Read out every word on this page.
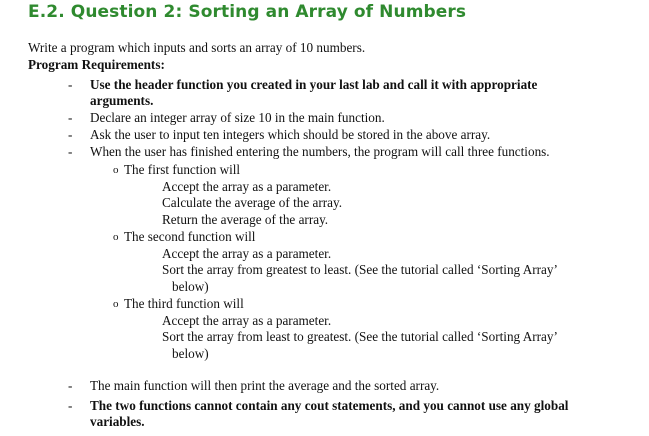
E.2. Question 2: Sorting an Array of Numbers
Write a program which inputs and sorts an array of 10 numbers.
Program Requirements:
- Use the header function you created in your last lab and call it with appropriate
arguments.
- Declare an integer array of size 10 in the main function.
- Ask the user to input ten integers which should be stored in the above array.
- When the user has finished entering the numbers, the program will call three functions.
o The first function will
Accept the array as a parameter.
Calculate the average of the array.
Return the average of the array.
o The second function will
Accept the array as a parameter.
Sort the array from greatest to least. (See the tutorial called ‘Sorting Array’
below)
o The third function will
Accept the array as a parameter.
Sort the array from least to greatest. (See the tutorial called ‘Sorting Array’
below)
- The main function will then print the average and the sorted array.
- The two functions cannot contain any cout statements, and you cannot use any global
variables.
